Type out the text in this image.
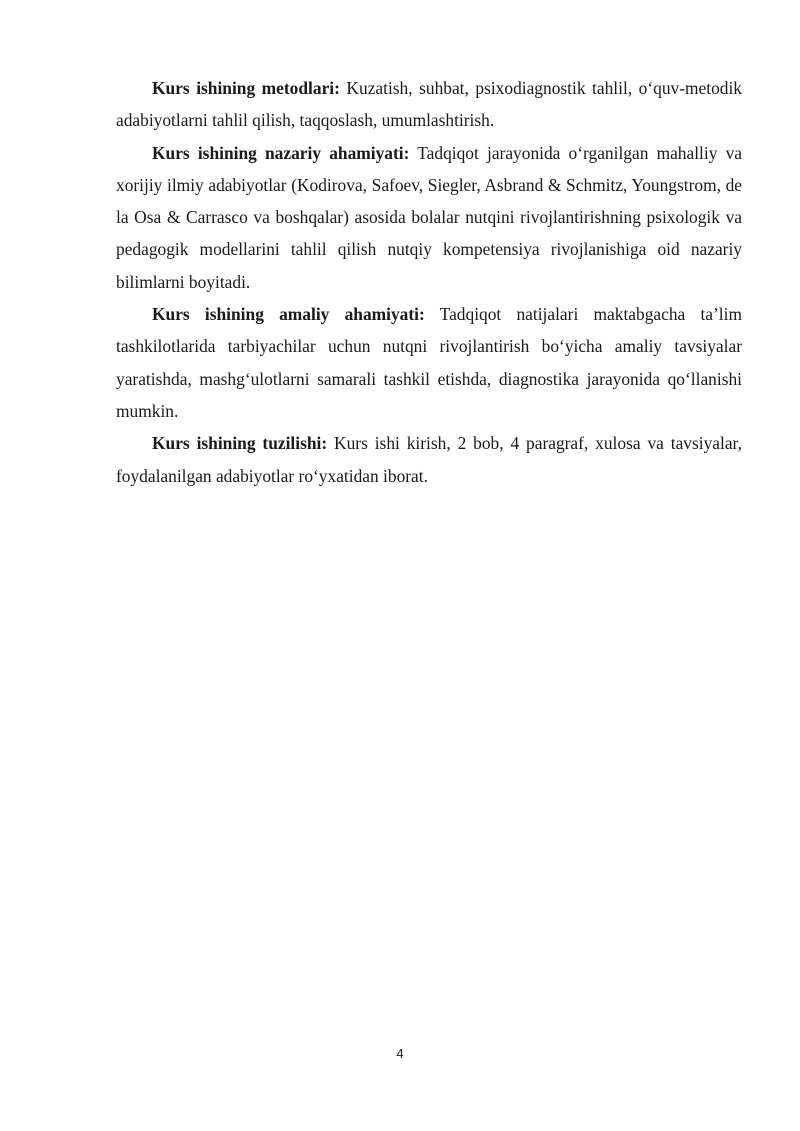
Kurs ishining metodlari: Kuzatish, suhbat, psixodiagnostik tahlil, o‘quv-metodik adabiyotlarni tahlil qilish, taqqoslash, umumlashtirish.

Kurs ishining nazariy ahamiyati: Tadqiqot jarayonida o‘rganilgan mahalliy va xorijiy ilmiy adabiyotlar (Kodirova, Safoev, Siegler, Asbrand & Schmitz, Youngstrom, de la Osa & Carrasco va boshqalar) asosida bolalar nutqini rivojlantirishning psixologik va pedagogik modellarini tahlil qilish nutqiy kompetensiya rivojlanishiga oid nazariy bilimlarni boyitadi.

Kurs ishining amaliy ahamiyati: Tadqiqot natijalari maktabgacha ta’lim tashkilotlarida tarbiyachilar uchun nutqni rivojlantirish bo‘yicha amaliy tavsiyalar yaratishda, mashg‘ulotlarni samarali tashkil etishda, diagnostika jarayonida qo‘llanishi mumkin.

Kurs ishining tuzilishi: Kurs ishi kirish, 2 bob, 4 paragraf, xulosa va tavsiyalar, foydalanilgan adabiyotlar ro‘yxatidan iborat.

4
